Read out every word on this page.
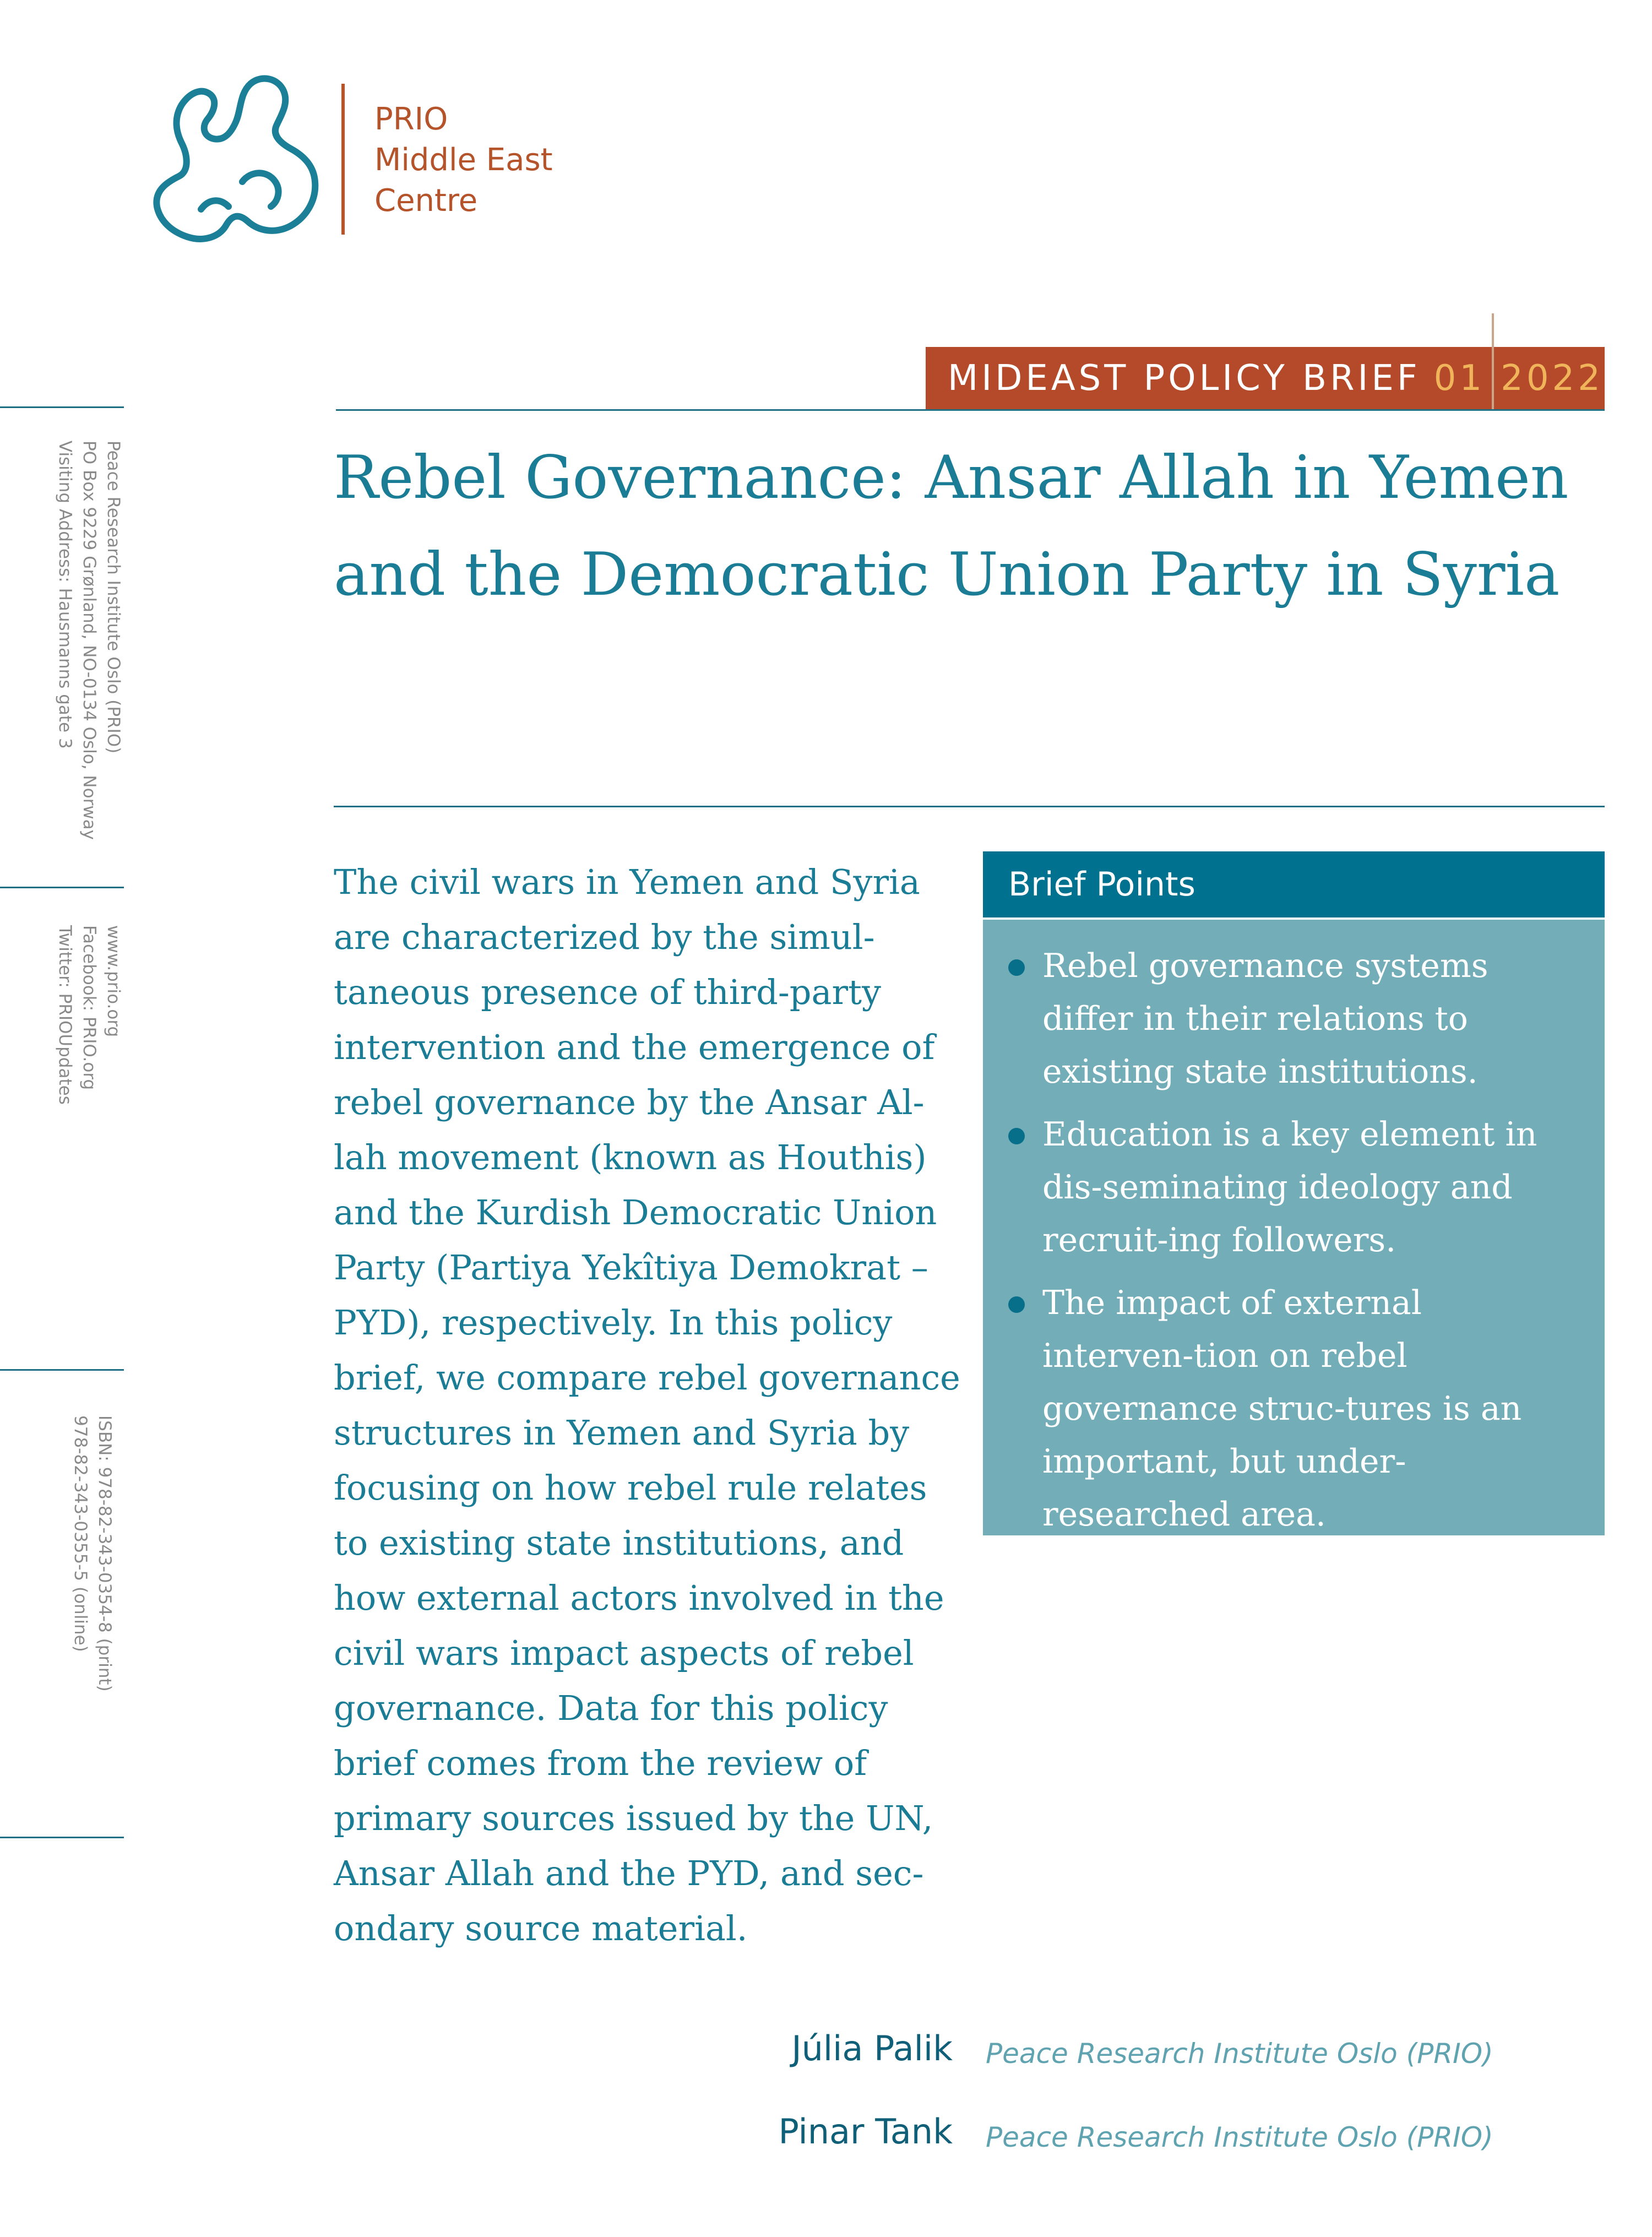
PRIO
Middle East
Centre
MIDEAST POLICY BRIEF 01 2022
Peace Research Institute Oslo (PRIO)
PO Box 9229 Grønland, NO-0134 Oslo, Norway
Visiting Address: Hausmanns gate 3
www.prio.org
Facebook: PRIO.org
Twitter: PRIOUpdates
ISBN: 978-82-343-0354-8 (print)
978-82-343-0355-5 (online)
Rebel Governance: Ansar Allah in Yemen and the Democratic Union Party in Syria

The civil wars in Yemen and Syria are characterized by the simul-taneous presence of third-party intervention and the emergence of rebel governance by the Ansar Al-lah movement (known as Houthis) and the Kurdish Democratic Union Party (Partiya Yekîtiya Demokrat – PYD), respectively. In this policy brief, we compare rebel governance structures in Yemen and Syria by focusing on how rebel rule relates to existing state institutions, and how external actors involved in the civil wars impact aspects of rebel governance. Data for this policy brief comes from the review of primary sources issued by the UN, Ansar Allah and the PYD, and sec-ondary source material.

Brief Points
Rebel governance systems differ in their relations to existing state institutions.
Education is a key element in dis-seminating ideology and recruit-ing followers.
The impact of external interven-tion on rebel governance struc-tures is an important, but under-researched area.
Júlia Palik Peace Research Institute Oslo (PRIO)
Pinar Tank Peace Research Institute Oslo (PRIO)
